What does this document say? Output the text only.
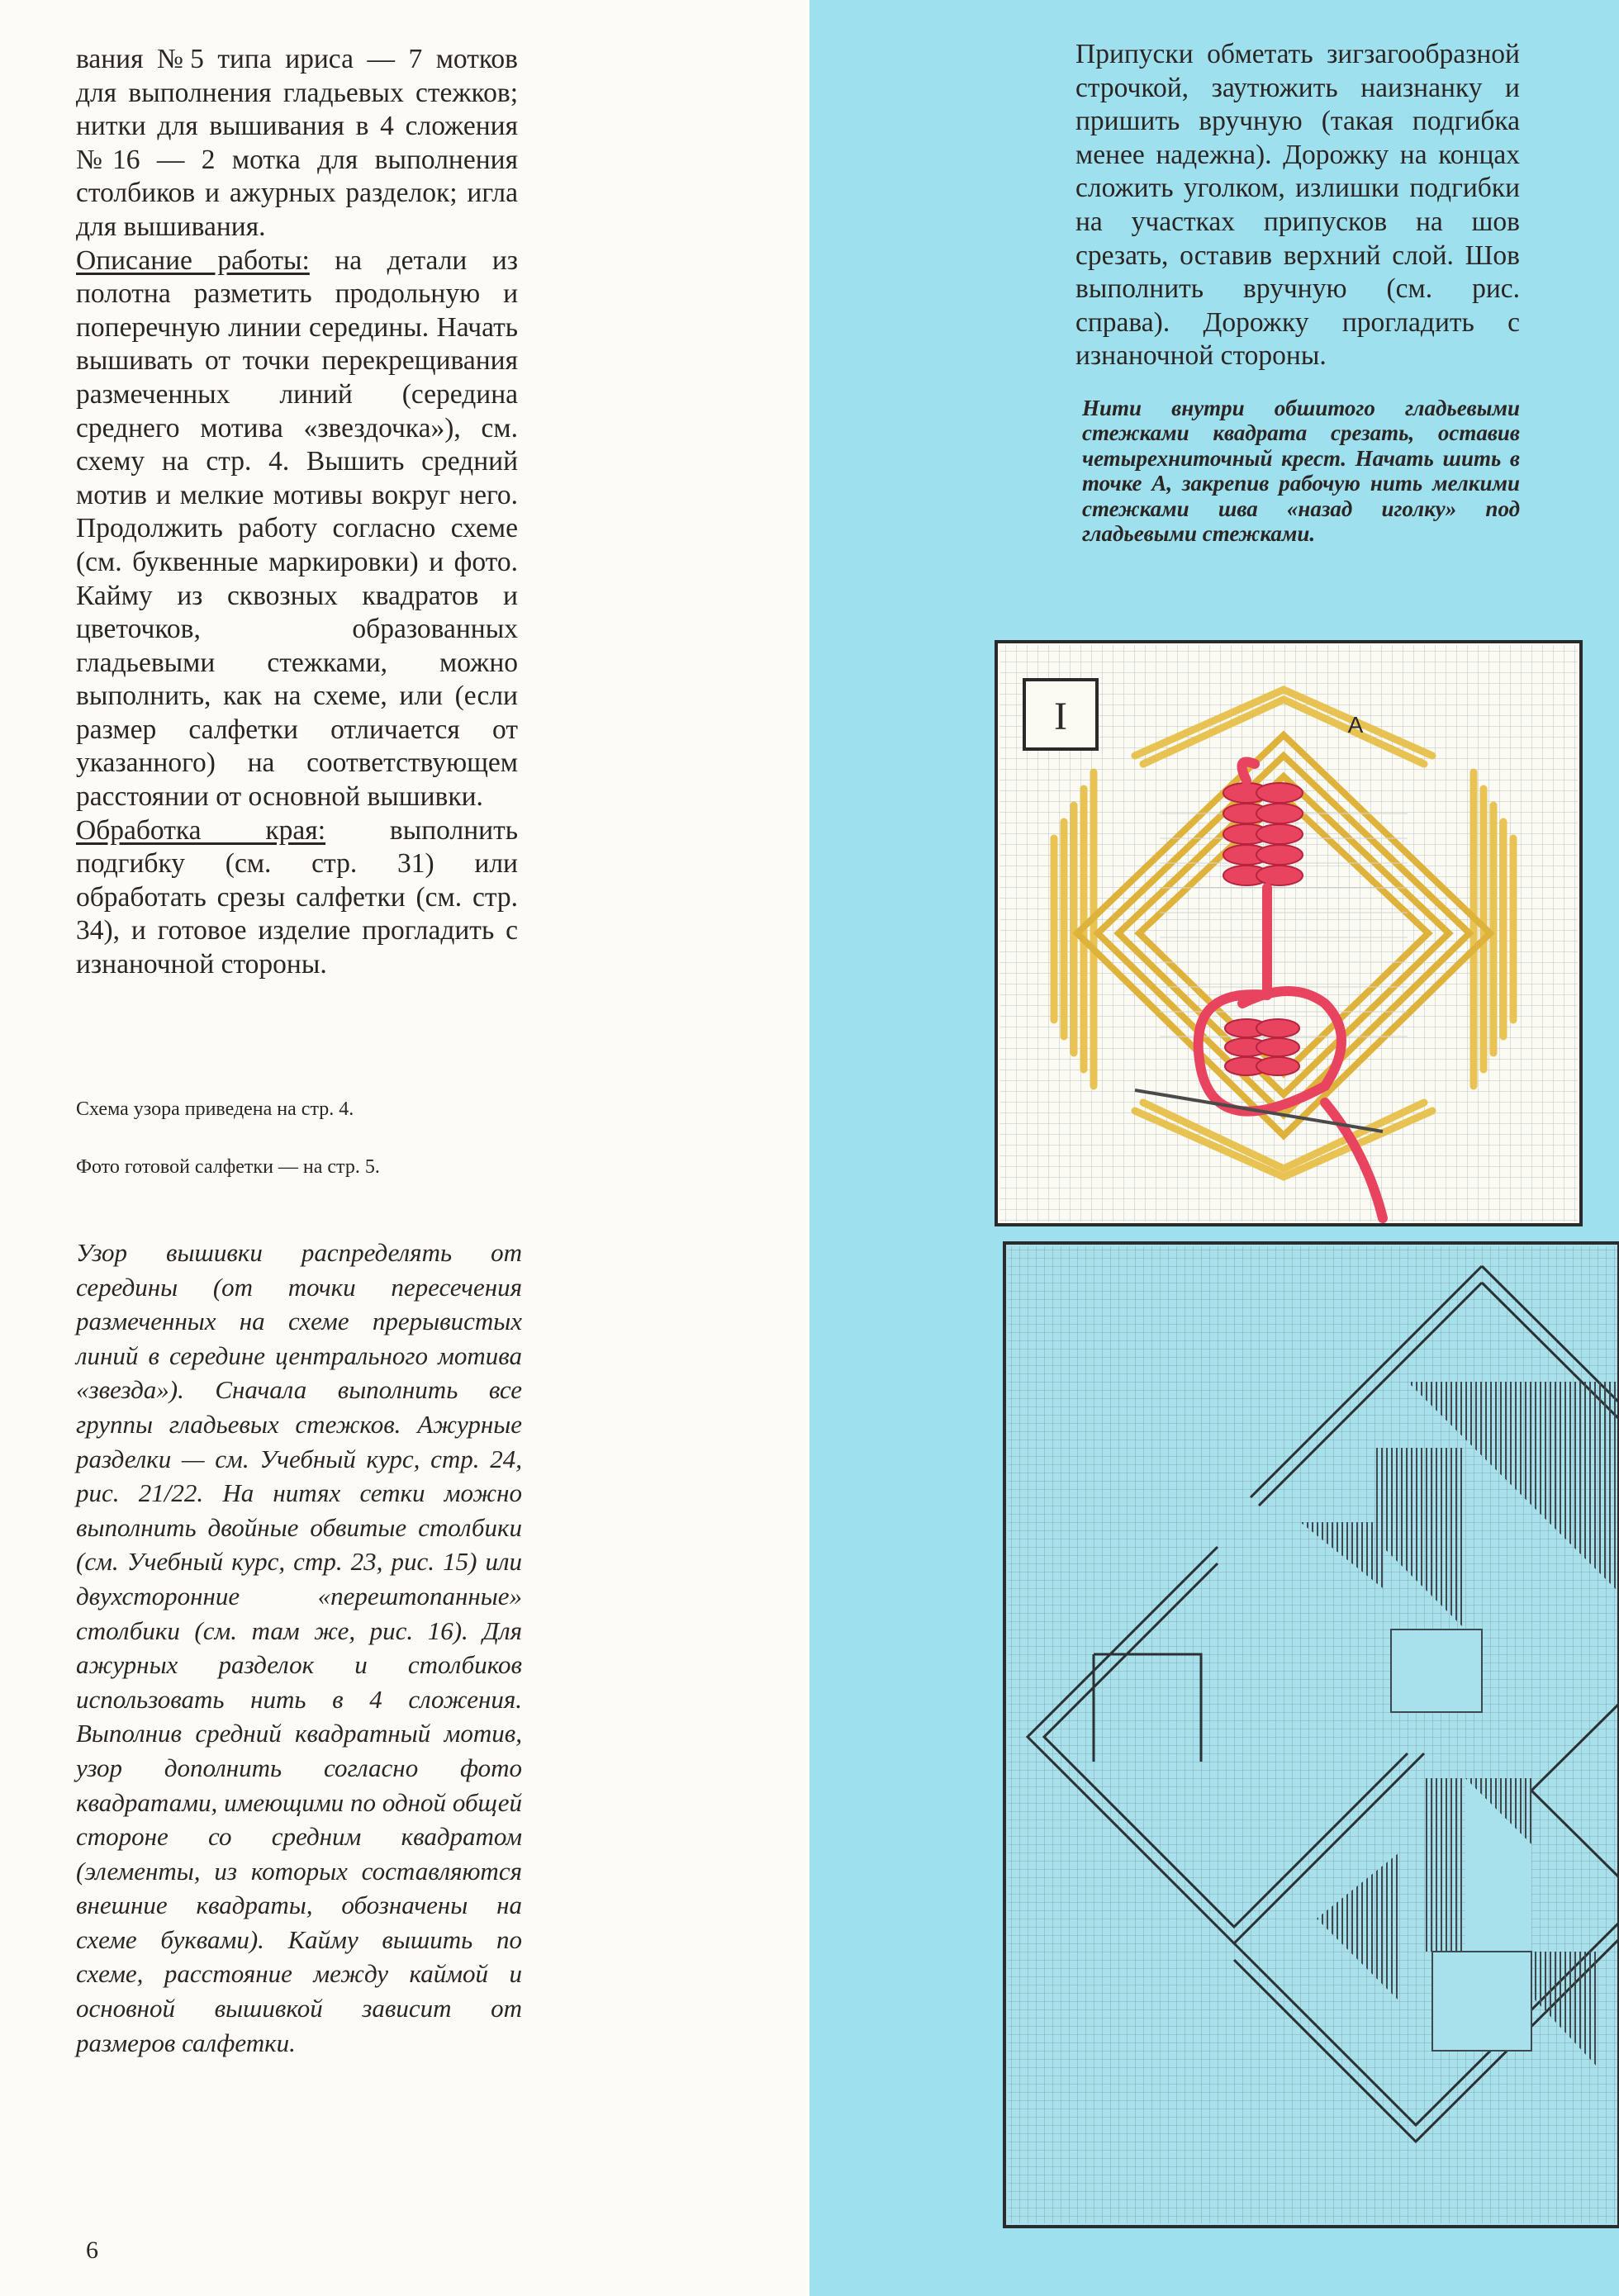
вания №5 типа ириса — 7 мотков для выполнения гладьевых стежков; нитки для вышивания в 4 сложения №16 — 2 мотка для выполнения столбиков и ажурных разделок; игла для вышивания.

Описание работы: на детали из полотна разметить продольную и поперечную линии середины. Начать вышивать от точки перекрещивания размеченных линий (середина среднего мотива «звездочка»), см. схему на стр. 4. Вышить средний мотив и мелкие мотивы вокруг него. Продолжить работу согласно схеме (см. буквенные маркировки) и фото. Кайму из сквозных квадратов и цветочков, образованных гладьевыми стежками, можно выполнить, как на схеме, или (если размер салфетки отличается от указанного) на соответствующем расстоянии от основной вышивки.

Обработка края: выполнить подгибку (см. стр. 31) или обработать срезы салфетки (см. стр. 34), и готовое изделие прогладить с изнаночной стороны.

Схема узора приведена на стр. 4.
Фото готовой салфетки — на стр. 5.
Узор вышивки распределять от середины (от точки пересечения размеченных на схеме прерывистых линий в середине центрального мотива «звезда»). Сначала выполнить все группы гладьевых стежков. Ажурные разделки — см. Учебный курс, стр. 24, рис. 21/22. На нитях сетки можно выполнить двойные обвитые столбики (см. Учебный курс, стр. 23, рис. 15) или двухсторонние «перештопанные» столбики (см. там же, рис. 16). Для ажурных разделок и столбиков использовать нить в 4 сложения. Выполнив средний квадратный мотив, узор дополнить согласно фото квадратами, имеющими по одной общей стороне со средним квадратом (элементы, из которых составляются внешние квадраты, обозначены на схеме буквами). Кайму вышить по схеме, расстояние между каймой и основной вышивкой зависит от размеров салфетки.
6
Припуски обметать зигзагообразной строчкой, заутюжить наизнанку и пришить вручную (такая подгибка менее надежна). Дорожку на концах сложить уголком, излишки подгибки на участках припусков на шов срезать, оставив верхний слой. Шов выполнить вручную (см. рис. справа). Дорожку прогладить с изнаночной стороны.
Нити внутри обшитого гладьевыми стежками квадрата срезать, оставив четырехниточный крест. Начать шить в точке А, закрепив рабочую нить мелкими стежками шва «назад иголку» под гладьевыми стежками.
I	A
